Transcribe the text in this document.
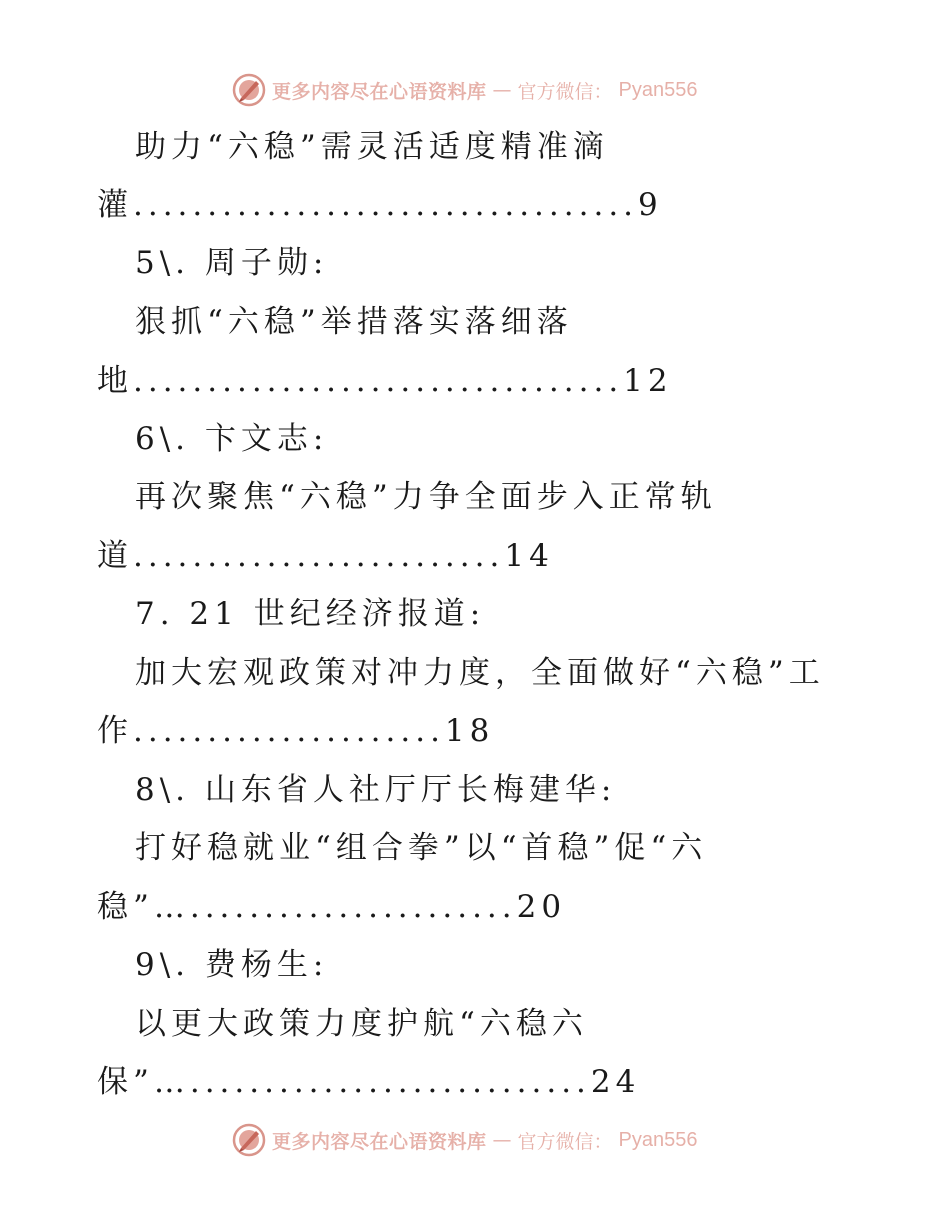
更多内容尽在心语资料库 — 官方微信： Pyan556
助力“六稳”需灵活适度精准滴
灌..................................9
5\. 周子勋:
狠抓“六稳”举措落实落细落
地.................................12
6\. 卞文志:
再次聚焦“六稳”力争全面步入正常轨
道.........................14
7. 21 世纪经济报道:
加大宏观政策对冲力度，全面做好“六稳”工
作.....................18
8\. 山东省人社厅厅长梅建华:
打好稳就业“组合拳”以“首稳”促“六
稳”…......................20
9\. 费杨生:
以更大政策力度护航“六稳六
保”…...........................24
更多内容尽在心语资料库 — 官方微信： Pyan556
